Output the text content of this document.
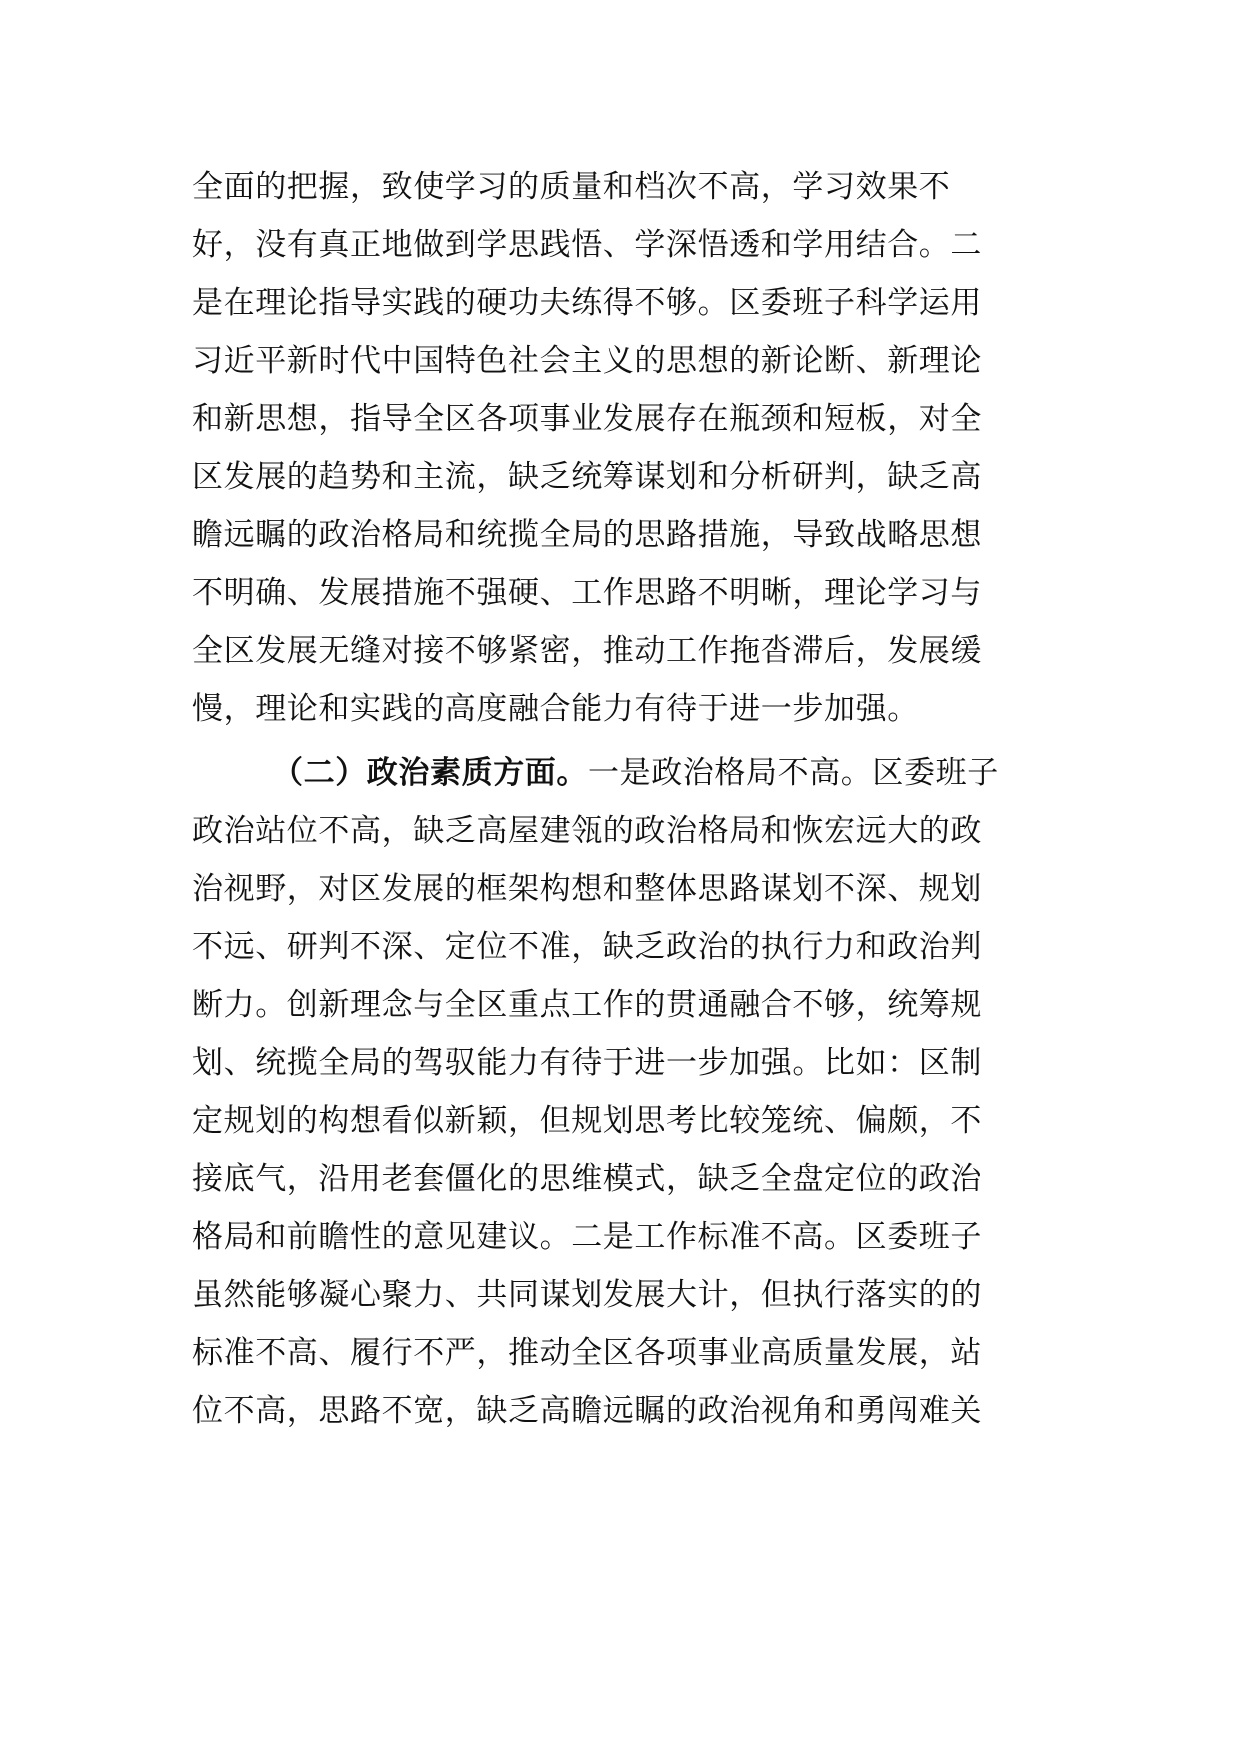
全面的把握，致使学习的质量和档次不高，学习效果不
好，没有真正地做到学思践悟、学深悟透和学用结合。二
是在理论指导实践的硬功夫练得不够。区委班子科学运用
习近平新时代中国特色社会主义的思想的新论断、新理论
和新思想，指导全区各项事业发展存在瓶颈和短板，对全
区发展的趋势和主流，缺乏统筹谋划和分析研判，缺乏高
瞻远瞩的政治格局和统揽全局的思路措施，导致战略思想
不明确、发展措施不强硬、工作思路不明晰，理论学习与
全区发展无缝对接不够紧密，推动工作拖沓滞后，发展缓
慢，理论和实践的高度融合能力有待于进一步加强。
（二）政治素质方面。一是政治格局不高。区委班子
政治站位不高，缺乏高屋建瓴的政治格局和恢宏远大的政
治视野，对区发展的框架构想和整体思路谋划不深、规划
不远、研判不深、定位不准，缺乏政治的执行力和政治判
断力。创新理念与全区重点工作的贯通融合不够，统筹规
划、统揽全局的驾驭能力有待于进一步加强。比如：区制
定规划的构想看似新颖，但规划思考比较笼统、偏颇，不
接底气，沿用老套僵化的思维模式，缺乏全盘定位的政治
格局和前瞻性的意见建议。二是工作标准不高。区委班子
虽然能够凝心聚力、共同谋划发展大计，但执行落实的的
标准不高、履行不严，推动全区各项事业高质量发展，站
位不高，思路不宽，缺乏高瞻远瞩的政治视角和勇闯难关
